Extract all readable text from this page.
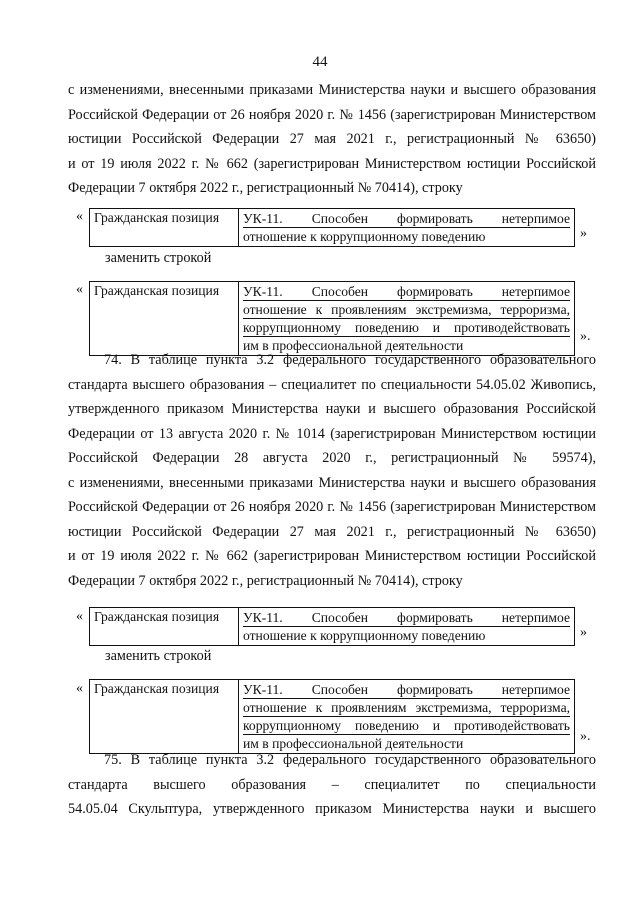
44
с изменениями, внесенными приказами Министерства науки и высшего образования
Российской Федерации от 26 ноября 2020 г. № 1456 (зарегистрирован Министерством
юстиции Российской Федерации 27 мая 2021 г., регистрационный № 63650)
и от 19 июля 2022 г. № 662 (зарегистрирован Министерством юстиции Российской
Федерации 7 октября 2022 г., регистрационный № 70414), строку
« Гражданская позиция	УК-11. Способен формировать нетерпимое
отношение к коррупционному поведению	»
заменить строкой
« Гражданская позиция	УК-11. Способен формировать нетерпимое
отношение к проявлениям экстремизма, терроризма,
коррупционному поведению и противодействовать
им в профессиональной деятельности
».
74. В таблице пункта 3.2 федерального государственного образовательного
стандарта высшего образования – специалитет по специальности 54.05.02 Живопись,
утвержденного приказом Министерства науки и высшего образования Российской
Федерации от 13 августа 2020 г. № 1014 (зарегистрирован Министерством юстиции
Российской Федерации 28 августа 2020 г., регистрационный № 59574),
с изменениями, внесенными приказами Министерства науки и высшего образования
Российской Федерации от 26 ноября 2020 г. № 1456 (зарегистрирован Министерством
юстиции Российской Федерации 27 мая 2021 г., регистрационный № 63650)
и от 19 июля 2022 г. № 662 (зарегистрирован Министерством юстиции Российской
Федерации 7 октября 2022 г., регистрационный № 70414), строку
« Гражданская позиция	УК-11. Способен формировать нетерпимое
отношение к коррупционному поведению	»
заменить строкой
« Гражданская позиция	УК-11. Способен формировать нетерпимое
отношение к проявлениям экстремизма, терроризма,
коррупционному поведению и противодействовать
им в профессиональной деятельности	».
75. В таблице пункта 3.2 федерального государственного образовательного
стандарта высшего образования – специалитет по специальности
54.05.04 Скульптура, утвержденного приказом Министерства науки и высшего
